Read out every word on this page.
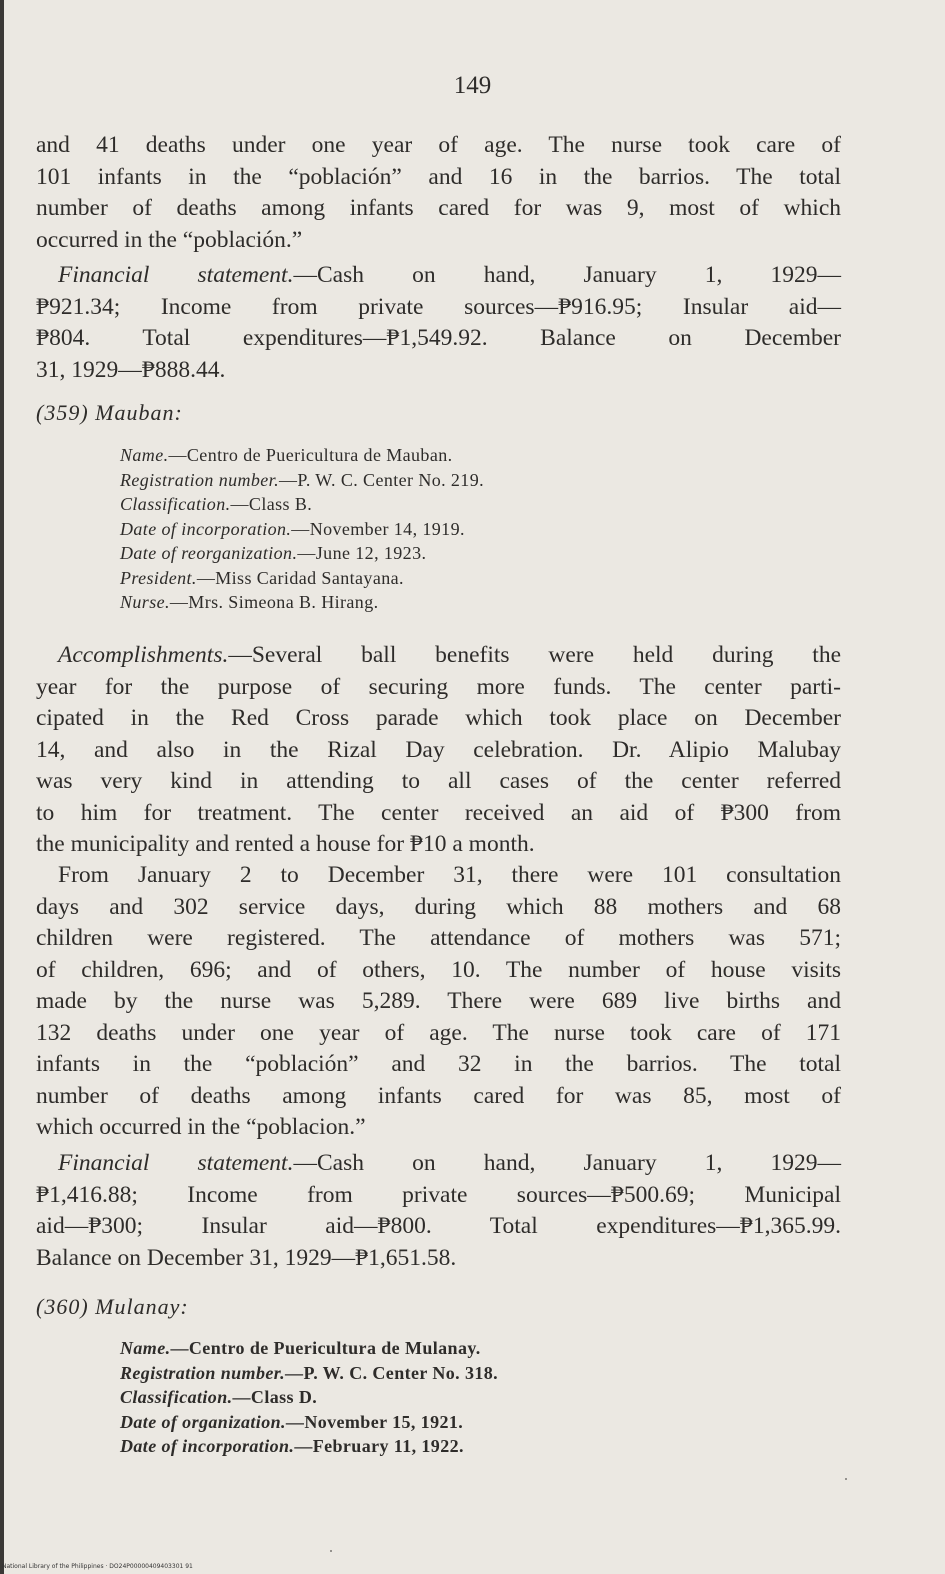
149
and 41 deaths under one year of age. The nurse took care of
101 infants in the “población” and 16 in the barrios. The total
number of deaths among infants cared for was 9, most of which
occurred in the “población.”
Financial statement.—Cash on hand, January 1, 1929—
₱921.34; Income from private sources—₱916.95; Insular aid—
₱804. Total expenditures—₱1,549.92. Balance on December
31, 1929—₱888.44.
(359) Mauban:
Name.—Centro de Puericultura de Mauban.
Registration number.—P. W. C. Center No. 219.
Classification.—Class B.
Date of incorporation.—November 14, 1919.
Date of reorganization.—June 12, 1923.
President.—Miss Caridad Santayana.
Nurse.—Mrs. Simeona B. Hirang.
Accomplishments.—Several ball benefits were held during the
year for the purpose of securing more funds. The center parti-
cipated in the Red Cross parade which took place on December
14, and also in the Rizal Day celebration. Dr. Alipio Malubay
was very kind in attending to all cases of the center referred
to him for treatment. The center received an aid of ₱300 from
the municipality and rented a house for ₱10 a month.
From January 2 to December 31, there were 101 consultation
days and 302 service days, during which 88 mothers and 68
children were registered. The attendance of mothers was 571;
of children, 696; and of others, 10. The number of house visits
made by the nurse was 5,289. There were 689 live births and
132 deaths under one year of age. The nurse took care of 171
infants in the “población” and 32 in the barrios. The total
number of deaths among infants cared for was 85, most of
which occurred in the “poblacion.”
Financial statement.—Cash on hand, January 1, 1929—
₱1,416.88; Income from private sources—₱500.69; Municipal
aid—₱300; Insular aid—₱800. Total expenditures—₱1,365.99.
Balance on December 31, 1929—₱1,651.58.
(360) Mulanay:
Name.—Centro de Puericultura de Mulanay.
Registration number.—P. W. C. Center No. 318.
Classification.—Class D.
Date of organization.—November 15, 1921.
Date of incorporation.—February 11, 1922.
National Library of the Philippines · DO24P00000409403301 91
